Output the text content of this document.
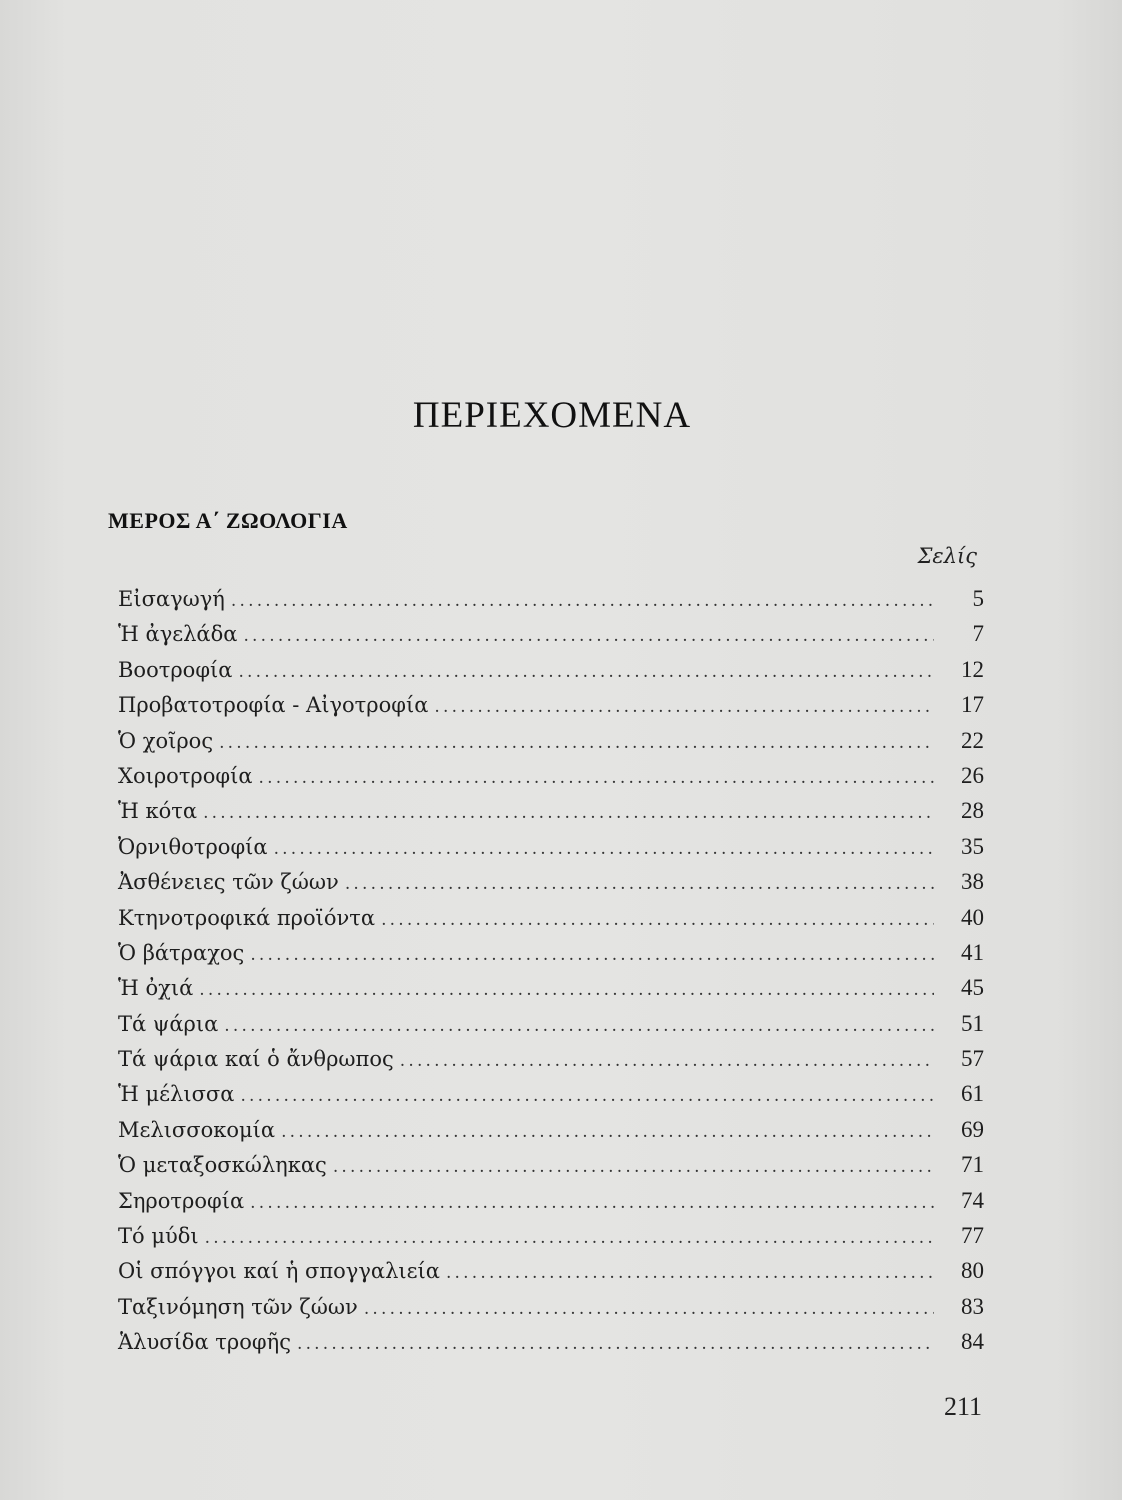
ΠΕΡΙΕΧΟΜΕΝΑ
ΜΕΡΟΣ Α΄ ΖΩΟΛΟΓΙΑ
Σελίς
Εἰσαγωγή .....	5
Ἡ ἀγελάδα .....	7
Βοοτροφία .....	12
Προβατοτροφία - Αἰγοτροφία .....	17
Ὁ χοῖρος .....	22
Χοιροτροφία .....	26
Ἡ κότα .....	28
Ὀρνιθοτροφία .....	35
Ἀσθένειες τῶν ζώων .....	38
Κτηνοτροφικά προϊόντα .....	40
Ὁ βάτραχος .....	41
Ἡ ὀχιά .....	45
Τά ψάρια .....	51
Τά ψάρια καί ὁ ἄνθρωπος .....	57
Ἡ μέλισσα .....	61
Μελισσοκομία .....	69
Ὁ μεταξοσκώληκας .....	71
Σηροτροφία .....	74
Τό μύδι .....	77
Οἱ σπόγγοι καί ἡ σπογγαλιεία .....	80
Ταξινόμηση τῶν ζώων .....	83
Ἁλυσίδα τροφῆς .....	84
211
